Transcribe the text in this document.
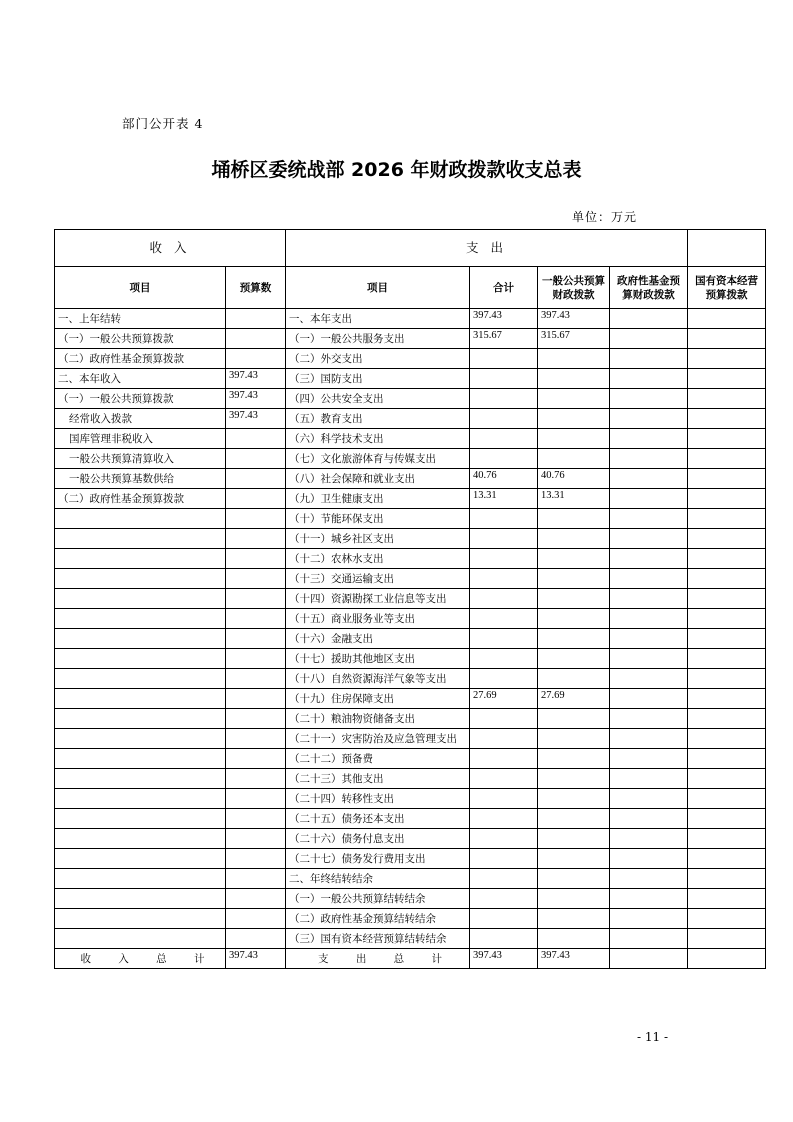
部门公开表 4
埇桥区委统战部 2026 年财政拨款收支总表
单位：万元
收 入		支 出				
项目	预算数	项目	合计	一般公共预算财政拨款	政府性基金预算财政拨款	国有资本经营预算拨款
一、上年结转		一、本年支出	397.43	397.43		
（一）一般公共预算拨款		（一）一般公共服务支出	315.67	315.67		
（二）政府性基金预算拨款		（二）外交支出				
二、本年收入	397.43	（三）国防支出				
（一）一般公共预算拨款	397.43	（四）公共安全支出				
经常收入拨款	397.43	（五）教育支出				
国库管理非税收入		（六）科学技术支出				
一般公共预算清算收入		（七）文化旅游体育与传媒支出				
一般公共预算基数供给		（八）社会保障和就业支出	40.76	40.76		
（二）政府性基金预算拨款		（九）卫生健康支出	13.31	13.31		
		（十）节能环保支出				
		（十一）城乡社区支出				
		（十二）农林水支出				
		（十三）交通运输支出				
		（十四）资源勘探工业信息等支出				
		（十五）商业服务业等支出				
		（十六）金融支出				
		（十七）援助其他地区支出				
		（十八）自然资源海洋气象等支出				
		（十九）住房保障支出	27.69	27.69		
		（二十）粮油物资储备支出				
		（二十一）灾害防治及应急管理支出				
		（二十二）预备费				
		（二十三）其他支出				
		（二十四）转移性支出				
		（二十五）债务还本支出				
		（二十六）债务付息支出				
		（二十七）债务发行费用支出				
		二、年终结转结余				
		（一）一般公共预算结转结余				
		（二）政府性基金预算结转结余				
		（三）国有资本经营预算结转结余				
收 入 总 计	397.43	支 出 总 计	397.43	397.43		
- 11 -
